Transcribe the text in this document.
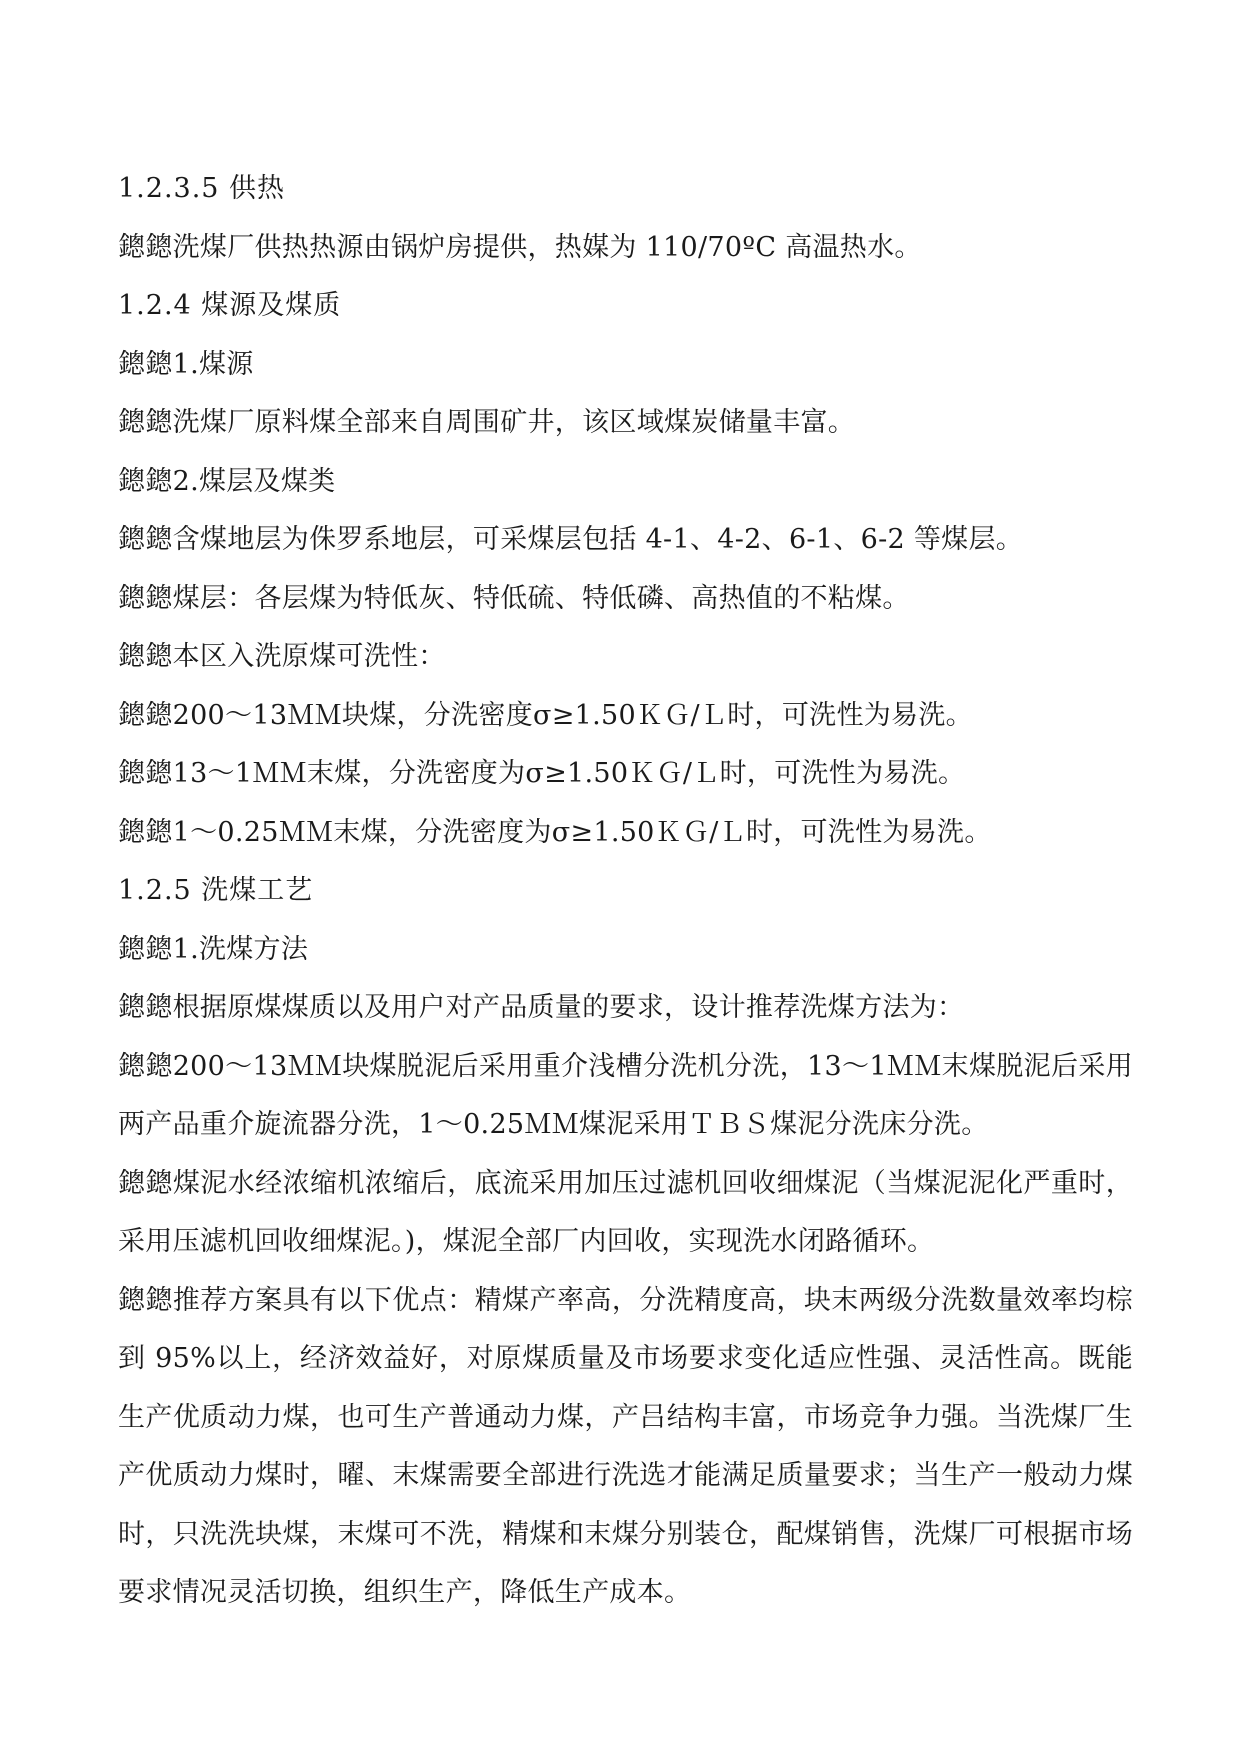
1.2.3.5 供热
鏓鏓洗煤厂供热热源由锅炉房提供，热媒为 110/70ºC 高温热水。
1.2.4 煤源及煤质
鏓鏓1.煤源
鏓鏓洗煤厂原料煤全部来自周围矿井，该区域煤炭储量丰富。
鏓鏓2.煤层及煤类
鏓鏓含煤地层为侏罗系地层，可采煤层包括 4-1、4-2、6-1、6-2 等煤层。
鏓鏓煤层：各层煤为特低灰、特低硫、特低磷、高热值的不粘煤。
鏓鏓本区入洗原煤可洗性：
鏓鏓200～13ＭＭ块煤，分洗密度σ≥1.50ＫＧ/Ｌ时，可洗性为易洗。
鏓鏓13～1ＭＭ末煤，分洗密度为σ≥1.50ＫＧ/Ｌ时，可洗性为易洗。
鏓鏓1～0.25ＭＭ末煤，分洗密度为σ≥1.50ＫＧ/Ｌ时，可洗性为易洗。
1.2.5 洗煤工艺
鏓鏓1.洗煤方法
鏓鏓根据原煤煤质以及用户对产品质量的要求，设计推荐洗煤方法为：
鏓鏓200～13ＭＭ块煤脱泥后采用重介浅槽分洗机分洗，13～1ＭＭ末煤脱泥后采用两产品重介旋流器分洗，1～0.25ＭＭ煤泥采用ＴＢＳ煤泥分洗床分洗。
鏓鏓煤泥水经浓缩机浓缩后，底流采用加压过滤机回收细煤泥（当煤泥泥化严重时，采用压滤机回收细煤泥。)，煤泥全部厂内回收，实现洗水闭路循环。
鏓鏓推荐方案具有以下优点：精煤产率高，分洗精度高，块末两级分洗数量效率均棕到 95%以上，经济效益好，对原煤质量及市场要求变化适应性强、灵活性高。既能生产优质动力煤，也可生产普通动力煤，产吕结构丰富，市场竞争力强。当洗煤厂生产优质动力煤时，曜、末煤需要全部进行洗选才能满足质量要求；当生产一般动力煤时，只洗洗块煤，末煤可不洗，精煤和末煤分别装仓，配煤销售，洗煤厂可根据市场要求情况灵活切换，组织生产，降低生产成本。
